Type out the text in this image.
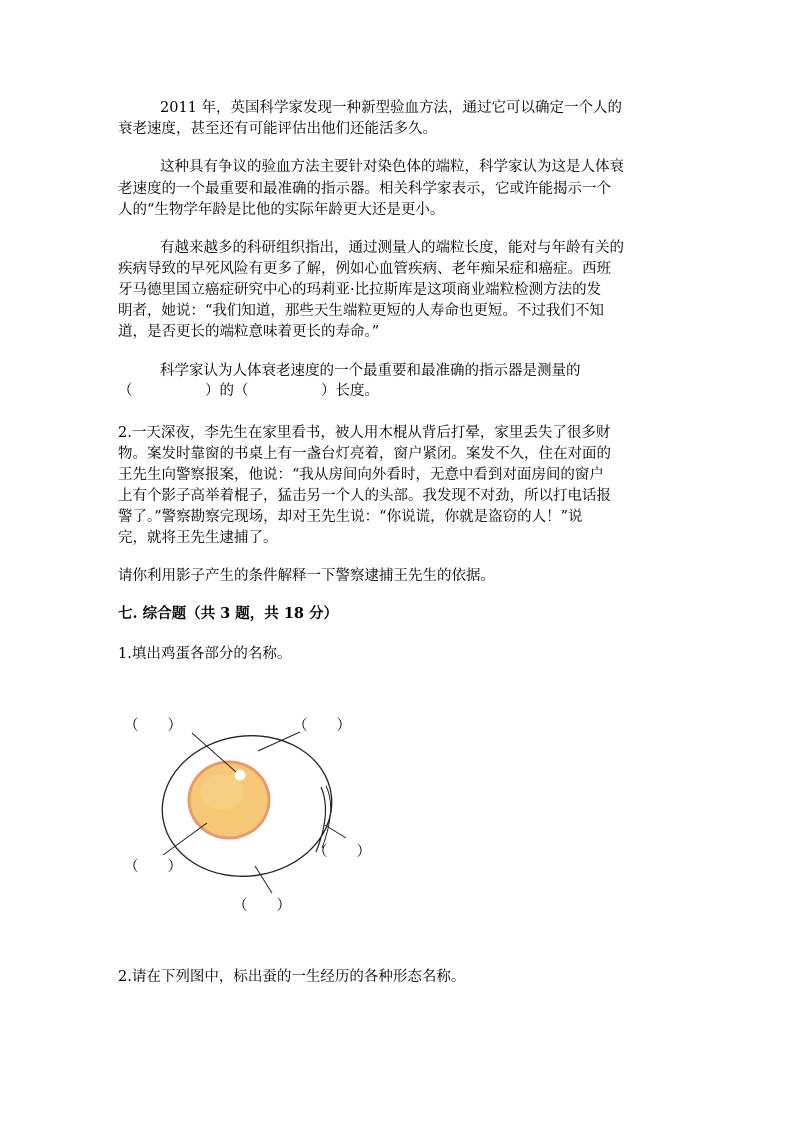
2011 年，英国科学家发现一种新型验血方法，通过它可以确定一个人的
衰老速度，甚至还有可能评估出他们还能活多久。
这种具有争议的验血方法主要针对染色体的端粒，科学家认为这是人体衰
老速度的一个最重要和最准确的指示器。相关科学家表示，它或许能揭示一个
人的“生物学年龄是比他的实际年龄更大还是更小。
有越来越多的科研组织指出，通过测量人的端粒长度，能对与年龄有关的
疾病导致的早死风险有更多了解，例如心血管疾病、老年痴呆症和癌症。西班
牙马德里国立癌症研究中心的玛莉亚·比拉斯库是这项商业端粒检测方法的发
明者，她说：“我们知道，那些天生端粒更短的人寿命也更短。不过我们不知
道，是否更长的端粒意味着更长的寿命。”
科学家认为人体衰老速度的一个最重要和最准确的指示器是测量的
（　　　　　）的（　　　　　）长度。
2.一天深夜，李先生在家里看书，被人用木棍从背后打晕，家里丢失了很多财
物。案发时靠窗的书桌上有一盏台灯亮着，窗户紧闭。案发不久，住在对面的
王先生向警察报案，他说：“我从房间向外看时，无意中看到对面房间的窗户
上有个影子高举着棍子，猛击另一个人的头部。我发现不对劲，所以打电话报
警了。”警察勘察完现场，却对王先生说：“你说谎，你就是盗窃的人！”说
完，就将王先生逮捕了。
请你利用影子产生的条件解释一下警察逮捕王先生的依据。
七. 综合题（共 3 题，共 18 分）
1.填出鸡蛋各部分的名称。
（　　）	（　　）
（　　）
（　　）
（　　）
2.请在下列图中，标出蚕的一生经历的各种形态名称。
